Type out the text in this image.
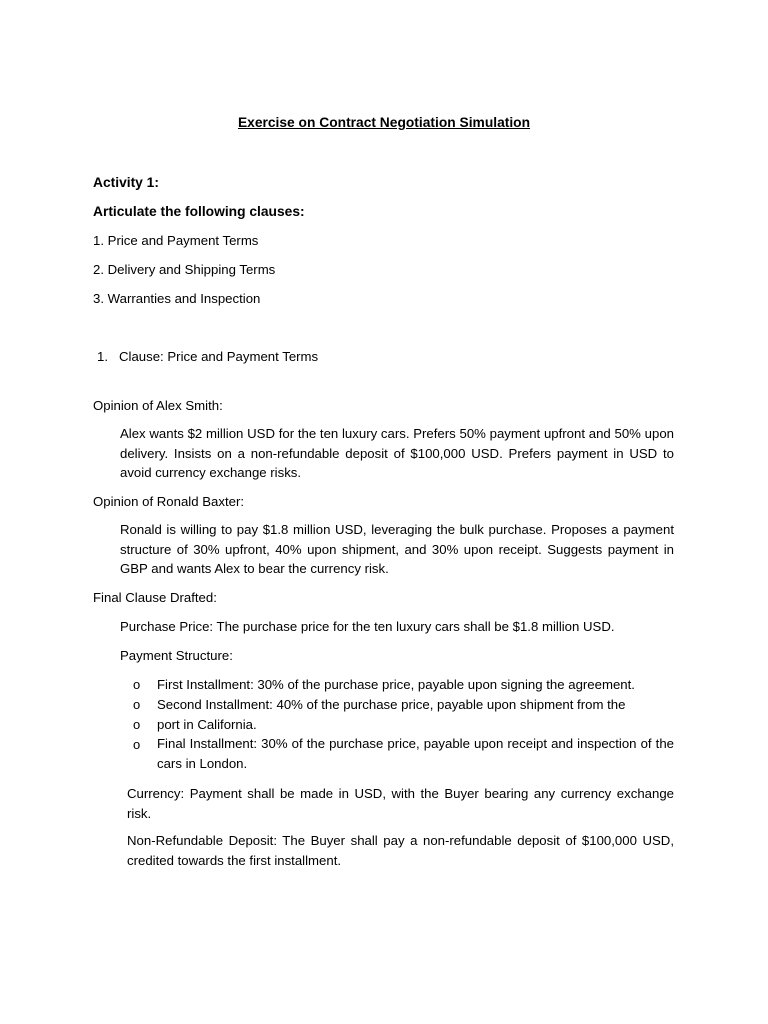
Exercise on Contract Negotiation Simulation
Activity 1:
Articulate the following clauses:
1. Price and Payment Terms
2. Delivery and Shipping Terms
3. Warranties and Inspection
1. Clause: Price and Payment Terms
Opinion of Alex Smith:
Alex wants $2 million USD for the ten luxury cars. Prefers 50% payment upfront and 50% upon delivery. Insists on a non-refundable deposit of $100,000 USD. Prefers payment in USD to avoid currency exchange risks.
Opinion of Ronald Baxter:
Ronald is willing to pay $1.8 million USD, leveraging the bulk purchase. Proposes a payment structure of 30% upfront, 40% upon shipment, and 30% upon receipt. Suggests payment in GBP and wants Alex to bear the currency risk.
Final Clause Drafted:
Purchase Price: The purchase price for the ten luxury cars shall be $1.8 million USD.
Payment Structure:
o First Installment: 30% of the purchase price, payable upon signing the agreement.
o Second Installment: 40% of the purchase price, payable upon shipment from the
o port in California.
o Final Installment: 30% of the purchase price, payable upon receipt and inspection of the cars in London.
Currency: Payment shall be made in USD, with the Buyer bearing any currency exchange risk.
Non-Refundable Deposit: The Buyer shall pay a non-refundable deposit of $100,000 USD, credited towards the first installment.
